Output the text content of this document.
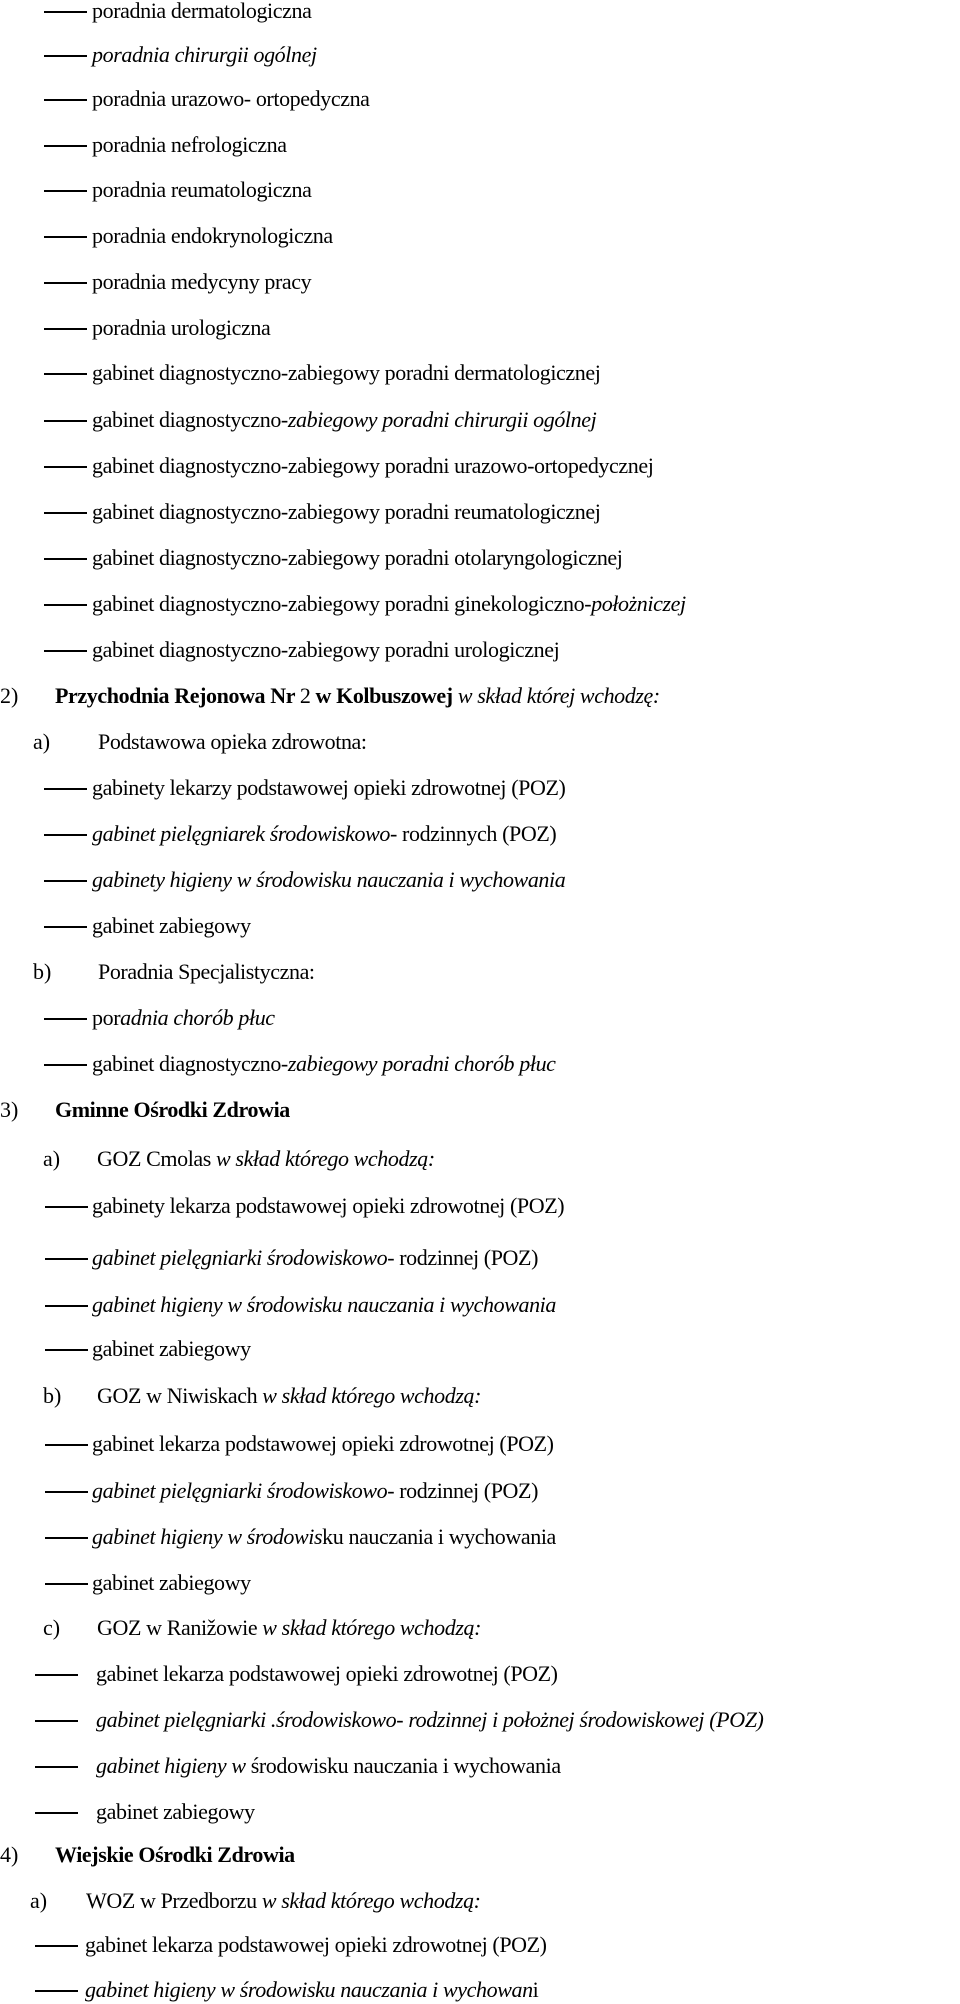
poradnia dermatologiczna
poradnia chirurgii ogólnej
poradnia urazowo- ortopedyczna
poradnia nefrologiczna
poradnia reumatologiczna
poradnia endokrynologiczna
poradnia medycyny pracy
poradnia urologiczna
gabinet diagnostyczno-zabiegowy poradni dermatologicznej
gabinet diagnostyczno-zabiegowy poradni chirurgii ogólnej
gabinet diagnostyczno-zabiegowy poradni urazowo-ortopedycznej
gabinet diagnostyczno-zabiegowy poradni reumatologicznej
gabinet diagnostyczno-zabiegowy poradni otolaryngologicznej
gabinet diagnostyczno-zabiegowy poradni ginekologiczno-położniczej
gabinet diagnostyczno-zabiegowy poradni urologicznej
2) Przychodnia Rejonowa Nr 2 w Kolbuszowej w skład której wchodzę:
a) Podstawowa opieka zdrowotna:
gabinety lekarzy podstawowej opieki zdrowotnej (POZ)
gabinet pielęgniarek środowiskowo- rodzinnych (POZ)
gabinety higieny w środowisku nauczania i wychowania
gabinet zabiegowy
b) Poradnia Specjalistyczna:
poradnia chorób płuc
gabinet diagnostyczno-zabiegowy poradni chorób płuc
3) Gminne Ośrodki Zdrowia
a) GOZ Cmolas w skład którego wchodzą:
gabinety lekarza podstawowej opieki zdrowotnej (POZ)
gabinet pielęgniarki środowiskowo- rodzinnej (POZ)
gabinet higieny w środowisku nauczania i wychowania
gabinet zabiegowy
b) GOZ w Niwiskach w skład którego wchodzą:
gabinet lekarza podstawowej opieki zdrowotnej (POZ)
gabinet pielęgniarki środowiskowo- rodzinnej (POZ)
gabinet higieny w środowisku nauczania i wychowania
gabinet zabiegowy
c) GOZ w Ranižowie w skład którego wchodzą:
gabinet lekarza podstawowej opieki zdrowotnej (POZ)
gabinet pielęgniarki .środowiskowo- rodzinnej i położnej środowiskowej (POZ)
gabinet higieny w środowisku nauczania i wychowania
gabinet zabiegowy
4) Wiejskie Ośrodki Zdrowia
a) WOZ w Przedborzu w skład którego wchodzą:
gabinet lekarza podstawowej opieki zdrowotnej (POZ)
gabinet higieny w środowisku nauczania i wychowani
